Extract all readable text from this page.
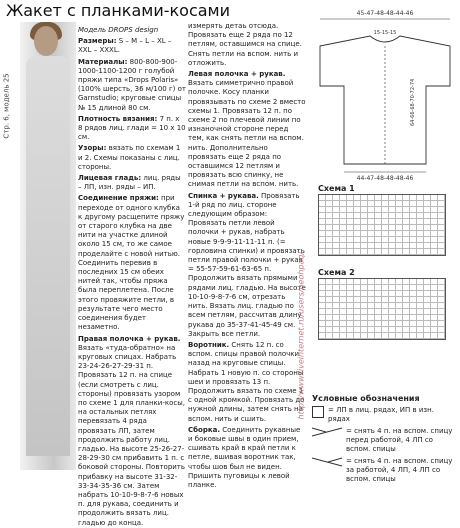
Жакет с планками-косами
Стр. 6, модель 25

Модель DROPS design

Размеры: S – M – L – XL – XXL – XXXL.

Материалы: 800-800-900-1000-1100-1200 г голубой пряжи типа «Drops Polaris» (100% шерсть, 36 м/100 г) от Garnstudio; круговые спицы № 15 длиной 80 см.

Плотность вязания: 7 п. х 8 рядов лиц. глади = 10 х 10 см.

Узоры: вязать по схемам 1 и 2. Схемы показаны с лиц. стороны.

Лицевая гладь: лиц. ряды – ЛП, изн. ряды – ИП.

Соединение пряжи: при переходе от одного клубка к другому расщепите пряжу от старого клубка на две нити на участке длиной около 15 см, то же самое проделайте с новой нитью. Соединить перевив в последних 15 см обеих нитей так, чтобы пряжа была переплетена. После этого провяжите петли, в результате чего место соединения будет незаметно.

Правая полочка + рукав. Вязать «туда-обратно» на круговых спицах. Набрать 23-24-26-27-29-31 п. Провязать 12 п. на спице (если смотреть с лиц. стороны) провязать узором по схеме 1 для планки-косы, на остальных петлях перевязать 4 ряда провязать ЛП, затем продолжить работу лиц. гладью. На высоте 25-26-27-28-29-30 см прибавить 1 п. с боковой стороны. Повторить прибавку на высоте 31-32-33-34-35-36 см. Затем набрать 10-10-9-8-7-6 новых п. для рукава, соединить и продолжить вязать лиц. гладью до конца.

измерять детаь отсюда. Провязать еще 2 ряда по 12 петлям, оставшимся на спице. Снять петли на вспом. нить и отложить.

Левая полочка + рукав. Вязать симметрично правой полочке. Косу планки провязывать по схеме 2 вместо схемы 1. Провязать 12 п. по схеме 2 по плечевой линии по изнаночной стороне перед тем, как снять петли на вспом. нить. Дополнительно провязать еще 2 ряда по оставшимся 12 петлям и провязать всю спинку, не снимая петли на вспом. нить.

Спинка + рукава. Провязать 1-й ряд по лиц. стороне следующим образом: Провязать петли левой полочки + рукав, набрать новые 9-9-9-11-11-11 п. (= горловина спинки) и провязать петли правой полочки + рукав = 55-57-59-61-63-65 п. Продолжить вязать прямыми рядами лиц. гладью. На высоте 10-10-9-8-7-6 см, отрезать нить. Вязать лиц. гладью по всем петлям, рассчитав длину рукава до 35-37-41-45-49 см. Закрыть все петли.

Воротник. Снять 12 п. со вспом. спицы правой полочки назад на круговые спицы. Набрать 1 новую п. со стороны шеи и провязать 13 п. Продолжить вязать по схеме 1 с одной кромкой. Провязать до нужной длины, затем снять на вспом. нить и сшить.

Сборка. Соединить рукавные и боковые швы в один прием, сшивать край в край петли к петле, вшивая воротник так, чтобы шов был не виден. Пришить пуговицы к левой планке.

45-47-48-48-44-46
15-15-15
64-66-68-70-72-74
44-47-48-48-48-46
http://www.liveinternet.ru/users/neohpaq/
Схема 1
Схема 2
Условные обозначения
= ЛП в лиц. рядах, ИП в изн. рядах
= снять 4 п. на вспом. спицу перед работой, 4 ЛП со вспом. спицы
= снять 4 п. на вспом. спицу за работой, 4 ЛП, 4 ЛП со вспом. спицы
